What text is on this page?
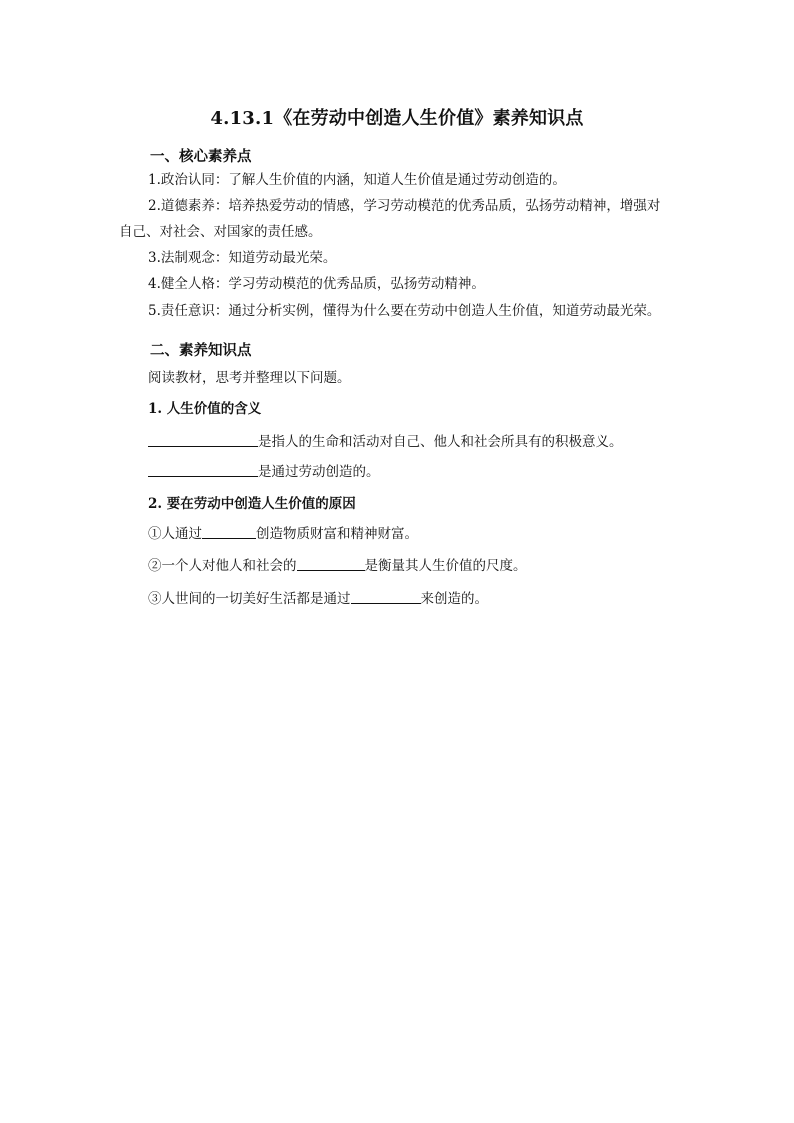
4.13.1《在劳动中创造人生价值》素养知识点
一、核心素养点
1.政治认同：了解人生价值的内涵，知道人生价值是通过劳动创造的。
2.道德素养：培养热爱劳动的情感，学习劳动模范的优秀品质，弘扬劳动精神，增强对
自己、对社会、对国家的责任感。
3.法制观念：知道劳动最光荣。
4.健全人格：学习劳动模范的优秀品质，弘扬劳动精神。
5.责任意识：通过分析实例，懂得为什么要在劳动中创造人生价值，知道劳动最光荣。
二、素养知识点
阅读教材，思考并整理以下问题。
1. 人生价值的含义
是指人的生命和活动对自己、他人和社会所具有的积极意义。
是通过劳动创造的。
2. 要在劳动中创造人生价值的原因
①人通过	创造物质财富和精神财富。
②一个人对他人和社会的	是衡量其人生价值的尺度。
③人世间的一切美好生活都是通过	来创造的。
